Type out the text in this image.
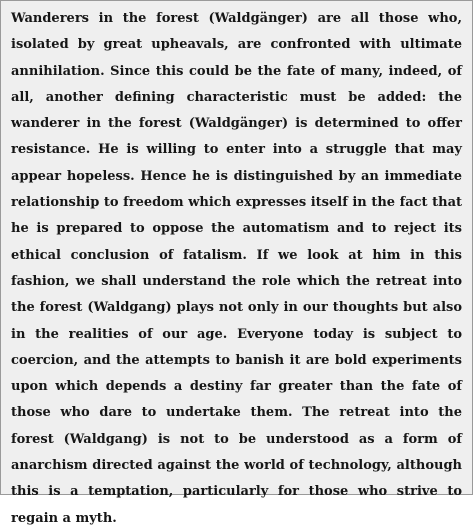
Wanderers in the forest (Waldgänger) are all those who, isolated by great upheavals, are confronted with ultimate annihilation. Since this could be the fate of many, indeed, of all, another defining characteristic must be added: the wanderer in the forest (Waldgänger) is determined to offer resistance. He is willing to enter into a struggle that may appear hopeless. Hence he is distinguished by an immediate relationship to freedom which expresses itself in the fact that he is prepared to oppose the automatism and to reject its ethical conclusion of fatalism. If we look at him in this fashion, we shall understand the role which the retreat into the forest (Waldgang) plays not only in our thoughts but also in the realities of our age. Everyone today is subject to coercion, and the attempts to banish it are bold experiments upon which depends a destiny far greater than the fate of those who dare to undertake them. The retreat into the forest (Waldgang) is not to be understood as a form of anarchism directed against the world of technology, although this is a temptation, particularly for those who strive to regain a myth.
